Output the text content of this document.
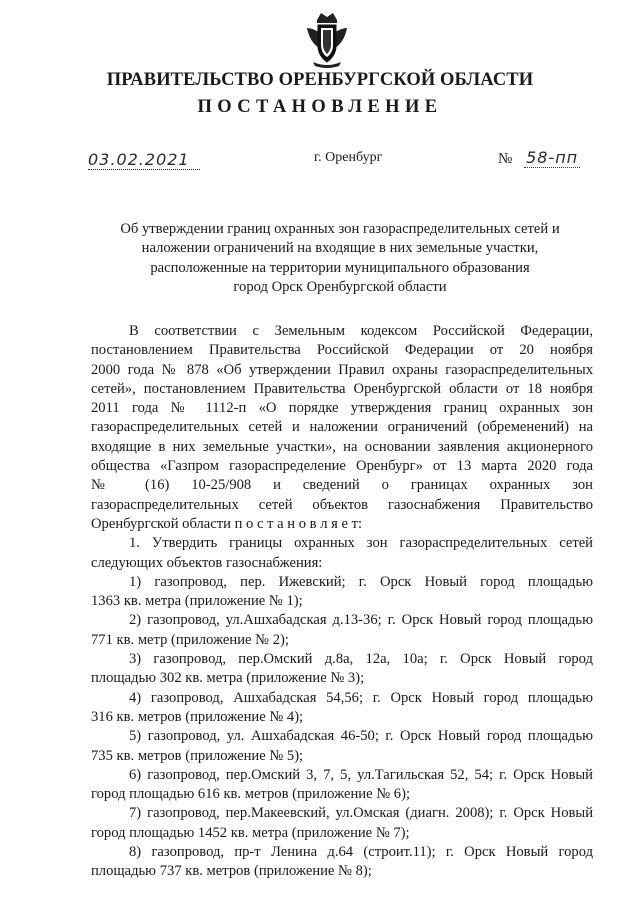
ПРАВИТЕЛЬСТВО ОРЕНБУРГСКОЙ ОБЛАСТИ
ПОСТАНОВЛЕНИЕ
03.02.2021	г. Оренбург	№ 58-пп
Об утверждении границ охранных зон газораспределительных сетей и
наложении ограничений на входящие в них земельные участки,
расположенные на территории муниципального образования
город Орск Оренбургской области
В соответствии с Земельным кодексом Российской Федерации,
постановлением Правительства Российской Федерации от 20 ноября
2000 года № 878 «Об утверждении Правил охраны газораспределительных
сетей», постановлением Правительства Оренбургской области от 18 ноября
2011 года № 1112-п «О порядке утверждения границ охранных зон
газораспределительных сетей и наложении ограничений (обременений) на
входящие в них земельные участки», на основании заявления акционерного
общества «Газпром газораспределение Оренбург» от 13 марта 2020 года
№ (16) 10-25/908 и сведений о границах охранных зон
газораспределительных сетей объектов газоснабжения Правительство
Оренбургской области п о с т а н о в л я е т:
1. Утвердить границы охранных зон газораспределительных сетей
следующих объектов газоснабжения:
1) газопровод, пер. Ижевский; г. Орск Новый город площадью
1363 кв. метра (приложение № 1);
2) газопровод, ул.Ашхабадская д.13-36; г. Орск Новый город площадью
771 кв. метр (приложение № 2);
3) газопровод, пер.Омский д.8а, 12а, 10а; г. Орск Новый город
площадью 302 кв. метра (приложение № 3);
4) газопровод, Ашхабадская 54,56; г. Орск Новый город площадью
316 кв. метров (приложение № 4);
5) газопровод, ул. Ашхабадская 46-50; г. Орск Новый город площадью
735 кв. метров (приложение № 5);
6) газопровод, пер.Омский 3, 7, 5, ул.Тагильская 52, 54; г. Орск Новый
город площадью 616 кв. метров (приложение № 6);
7) газопровод, пер.Макеевский, ул.Омская (диагн. 2008); г. Орск Новый
город площадью 1452 кв. метра (приложение № 7);
8) газопровод, пр-т Ленина д.64 (строит.11); г. Орск Новый город
площадью 737 кв. метров (приложение № 8);
